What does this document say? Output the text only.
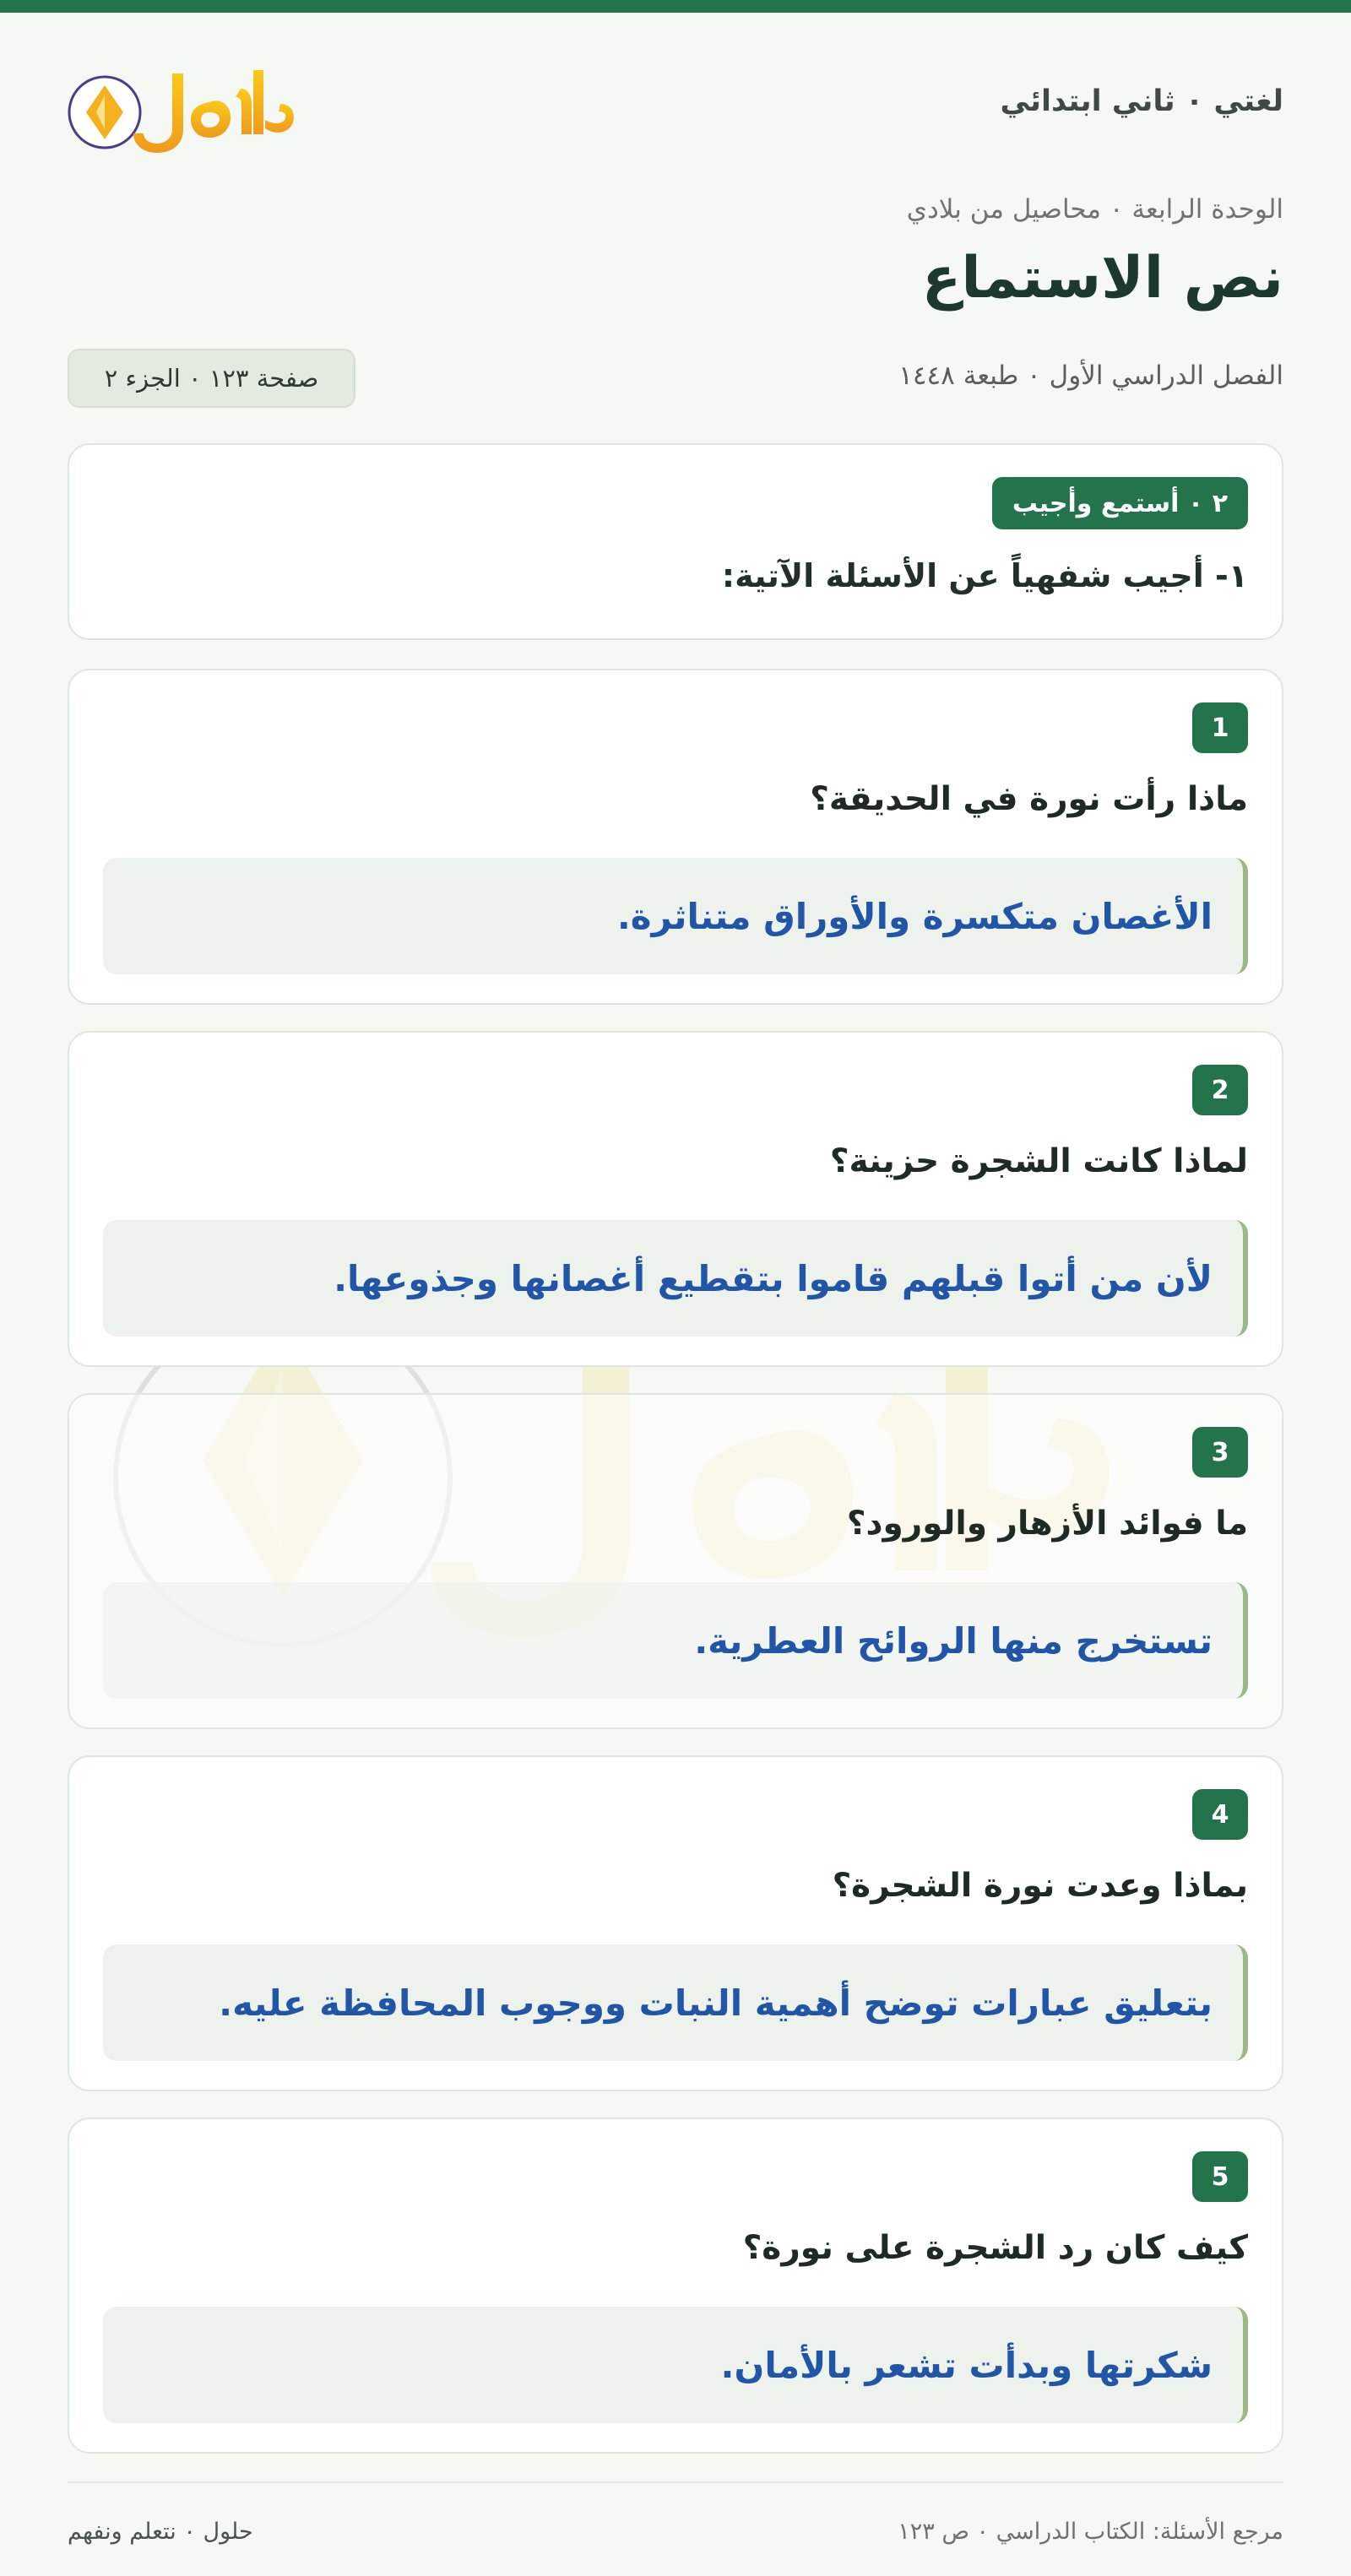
لغتي ٠ ثاني ابتدائي
الوحدة الرابعة ٠ محاصيل من بلادي
نص الاستماع
الفصل الدراسي الأول ٠ طبعة ١٤٤٨
صفحة ١٢٣ ٠ الجزء ٢
٢ ٠ أستمع وأجيب
١- أجيب شفهياً عن الأسئلة الآتية:
1
ماذا رأت نورة في الحديقة؟
الأغصان متكسرة والأوراق متناثرة.
2
لماذا كانت الشجرة حزينة؟
لأن من أتوا قبلهم قاموا بتقطيع أغصانها وجذوعها.
3
ما فوائد الأزهار والورود؟
تستخرج منها الروائح العطرية.
4
بماذا وعدت نورة الشجرة؟
بتعليق عبارات توضح أهمية النبات ووجوب المحافظة عليه.
5
كيف كان رد الشجرة على نورة؟
شكرتها وبدأت تشعر بالأمان.
مرجع الأسئلة: الكتاب الدراسي ٠ ص ١٢٣
حلول ٠ نتعلم ونفهم
